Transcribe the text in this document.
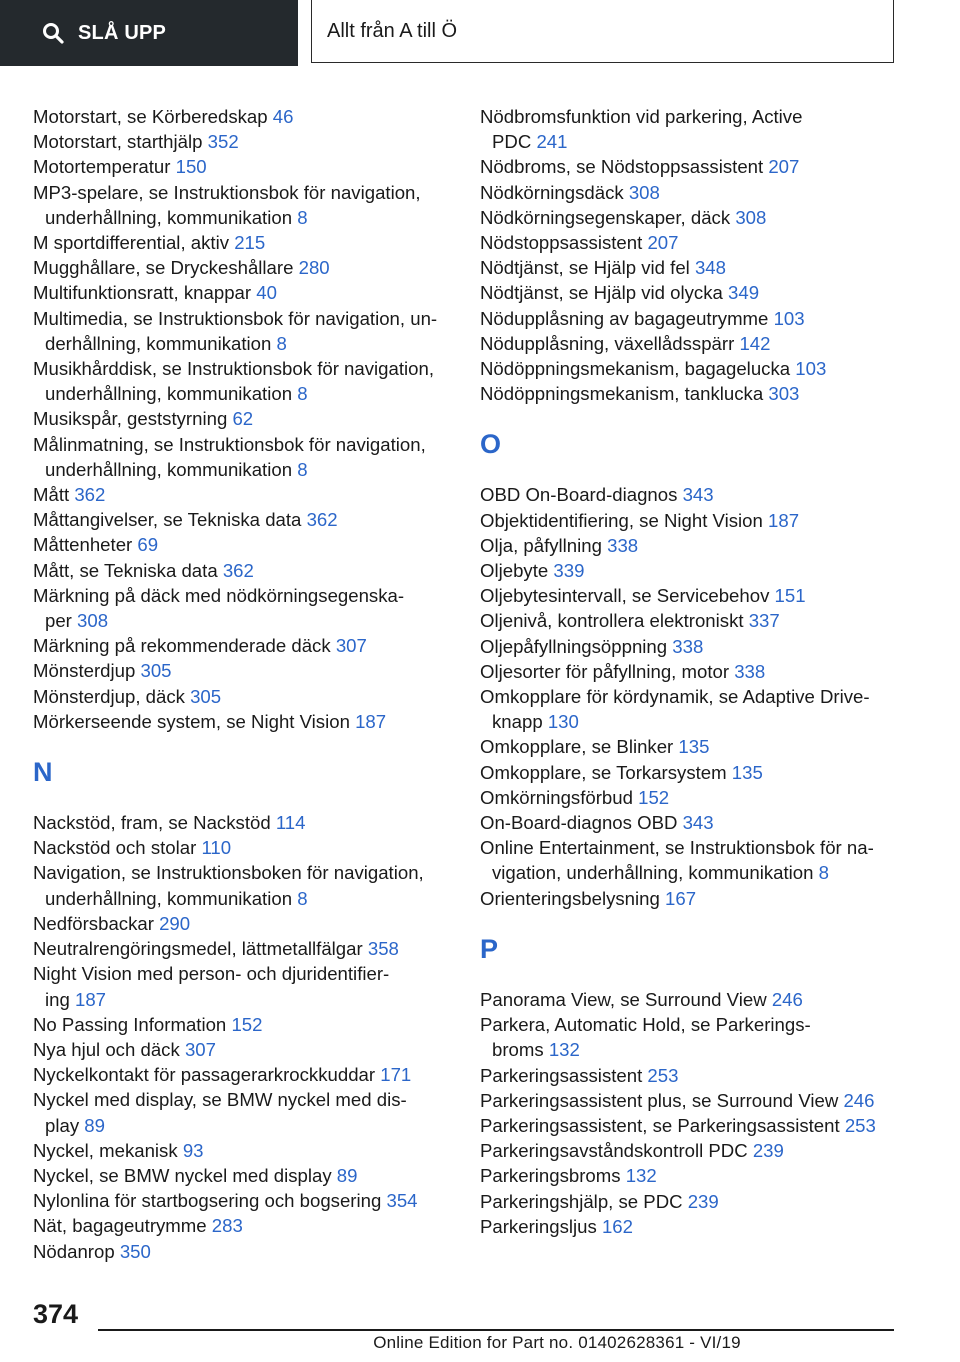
SLÅ UPP	Allt från A till Ö
Motorstart, se Körberedskap 46
Motorstart, starthjälp 352
Motortemperatur 150
MP3-spelare, se Instruktionsbok för navigation,
underhållning, kommunikation 8
M sportdifferential, aktiv 215
Mugghållare, se Dryckeshållare 280
Multifunktionsratt, knappar 40
Multimedia, se Instruktionsbok för navigation, un-
derhållning, kommunikation 8
Musikhårddisk, se Instruktionsbok för navigation,
underhållning, kommunikation 8
Musikspår, geststyrning 62
Målinmatning, se Instruktionsbok för navigation,
underhållning, kommunikation 8
Mått 362
Måttangivelser, se Tekniska data 362
Måttenheter 69
Mått, se Tekniska data 362
Märkning på däck med nödkörningsegenska-
per 308
Märkning på rekommenderade däck 307
Mönsterdjup 305
Mönsterdjup, däck 305
Mörkerseende system, se Night Vision 187
N
Nackstöd, fram, se Nackstöd 114
Nackstöd och stolar 110
Navigation, se Instruktionsboken för navigation,
underhållning, kommunikation 8
Nedförsbackar 290
Neutralrengöringsmedel, lättmetallfälgar 358
Night Vision med person- och djuridentifier-
ing 187
No Passing Information 152
Nya hjul och däck 307
Nyckelkontakt för passagerarkrockkuddar 171
Nyckel med display, se BMW nyckel med dis-
play 89
Nyckel, mekanisk 93
Nyckel, se BMW nyckel med display 89
Nylonlina för startbogsering och bogsering 354
Nät, bagageutrymme 283
Nödanrop 350
Nödbromsfunktion vid parkering, Active
PDC 241
Nödbroms, se Nödstoppsassistent 207
Nödkörningsdäck 308
Nödkörningsegenskaper, däck 308
Nödstoppsassistent 207
Nödtjänst, se Hjälp vid fel 348
Nödtjänst, se Hjälp vid olycka 349
Nödupplåsning av bagageutrymme 103
Nödupplåsning, växellådsspärr 142
Nödöppningsmekanism, bagagelucka 103
Nödöppningsmekanism, tanklucka 303
O
OBD On-Board-diagnos 343
Objektidentifiering, se Night Vision 187
Olja, påfyllning 338
Oljebyte 339
Oljebytesintervall, se Servicebehov 151
Oljenivå, kontrollera elektroniskt 337
Oljepåfyllningsöppning 338
Oljesorter för påfyllning, motor 338
Omkopplare för kördynamik, se Adaptive Drive-
knapp 130
Omkopplare, se Blinker 135
Omkopplare, se Torkarsystem 135
Omkörningsförbud 152
On-Board-diagnos OBD 343
Online Entertainment, se Instruktionsbok för na-
vigation, underhållning, kommunikation 8
Orienteringsbelysning 167
P
Panorama View, se Surround View 246
Parkera, Automatic Hold, se Parkerings-
broms 132
Parkeringsassistent 253
Parkeringsassistent plus, se Surround View 246
Parkeringsassistent, se Parkeringsassistent 253
Parkeringsavståndskontroll PDC 239
Parkeringsbroms 132
Parkeringshjälp, se PDC 239
Parkeringsljus 162
374
Online Edition for Part no. 01402628361 - VI/19
